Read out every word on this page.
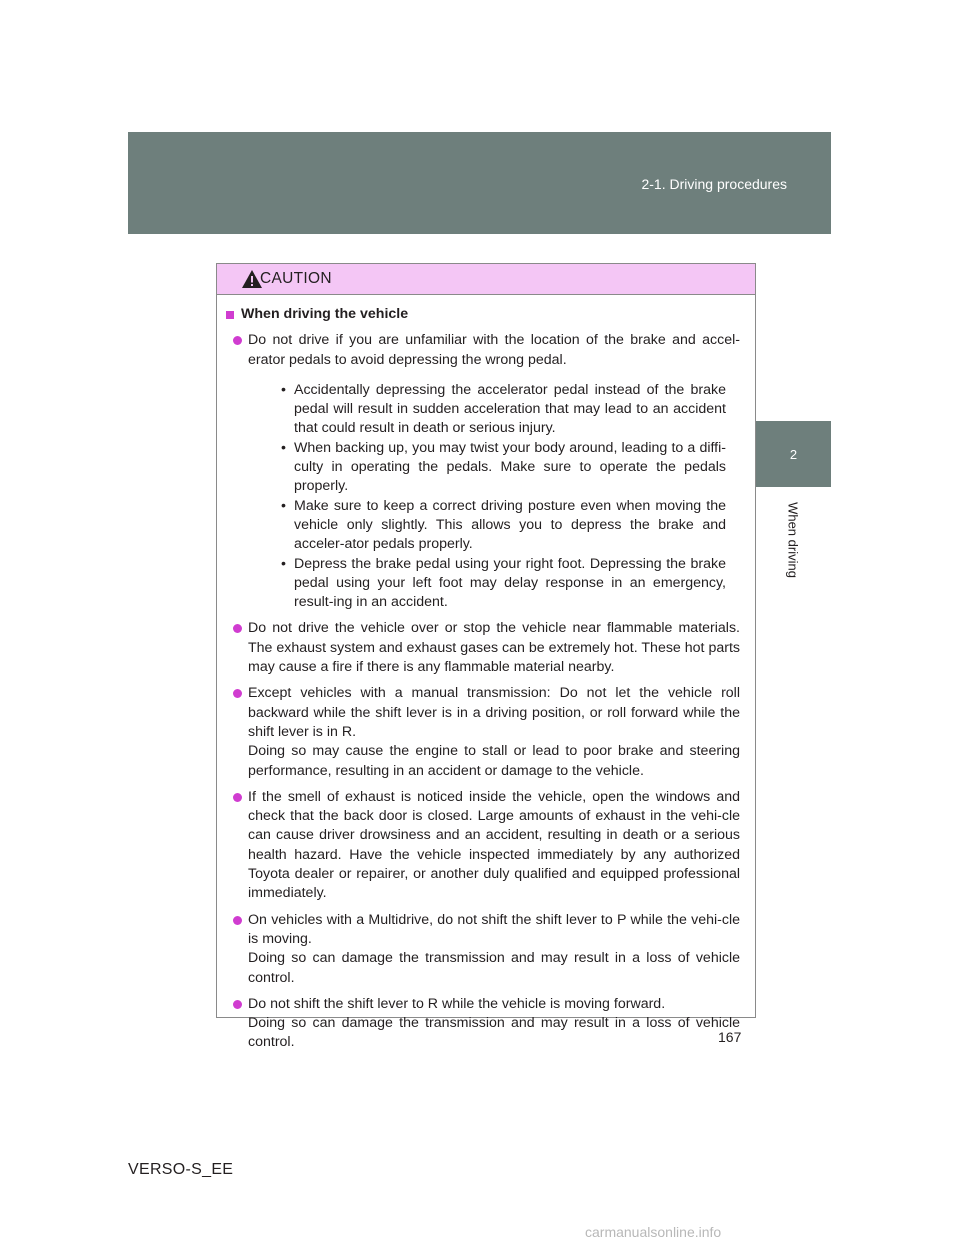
2-1. Driving procedures
2
When driving
CAUTION
When driving the vehicle
Do not drive if you are unfamiliar with the location of the brake and accel-erator pedals to avoid depressing the wrong pedal.
• Accidentally depressing the accelerator pedal instead of the brake pedal will result in sudden acceleration that may lead to an accident that could result in death or serious injury.
• When backing up, you may twist your body around, leading to a diffi-culty in operating the pedals. Make sure to operate the pedals properly.
• Make sure to keep a correct driving posture even when moving the vehicle only slightly. This allows you to depress the brake and acceler-ator pedals properly.
• Depress the brake pedal using your right foot. Depressing the brake pedal using your left foot may delay response in an emergency, result-ing in an accident.
Do not drive the vehicle over or stop the vehicle near flammable materials. The exhaust system and exhaust gases can be extremely hot. These hot parts may cause a fire if there is any flammable material nearby.
Except vehicles with a manual transmission: Do not let the vehicle roll backward while the shift lever is in a driving position, or roll forward while the shift lever is in R.
Doing so may cause the engine to stall or lead to poor brake and steering performance, resulting in an accident or damage to the vehicle.
If the smell of exhaust is noticed inside the vehicle, open the windows and check that the back door is closed. Large amounts of exhaust in the vehi-cle can cause driver drowsiness and an accident, resulting in death or a serious health hazard. Have the vehicle inspected immediately by any authorized Toyota dealer or repairer, or another duly qualified and equipped professional immediately.
On vehicles with a Multidrive, do not shift the shift lever to P while the vehi-cle is moving.
Doing so can damage the transmission and may result in a loss of vehicle control.
Do not shift the shift lever to R while the vehicle is moving forward.
Doing so can damage the transmission and may result in a loss of vehicle control.	167
VERSO-S_EE
carmanualsonline.info
